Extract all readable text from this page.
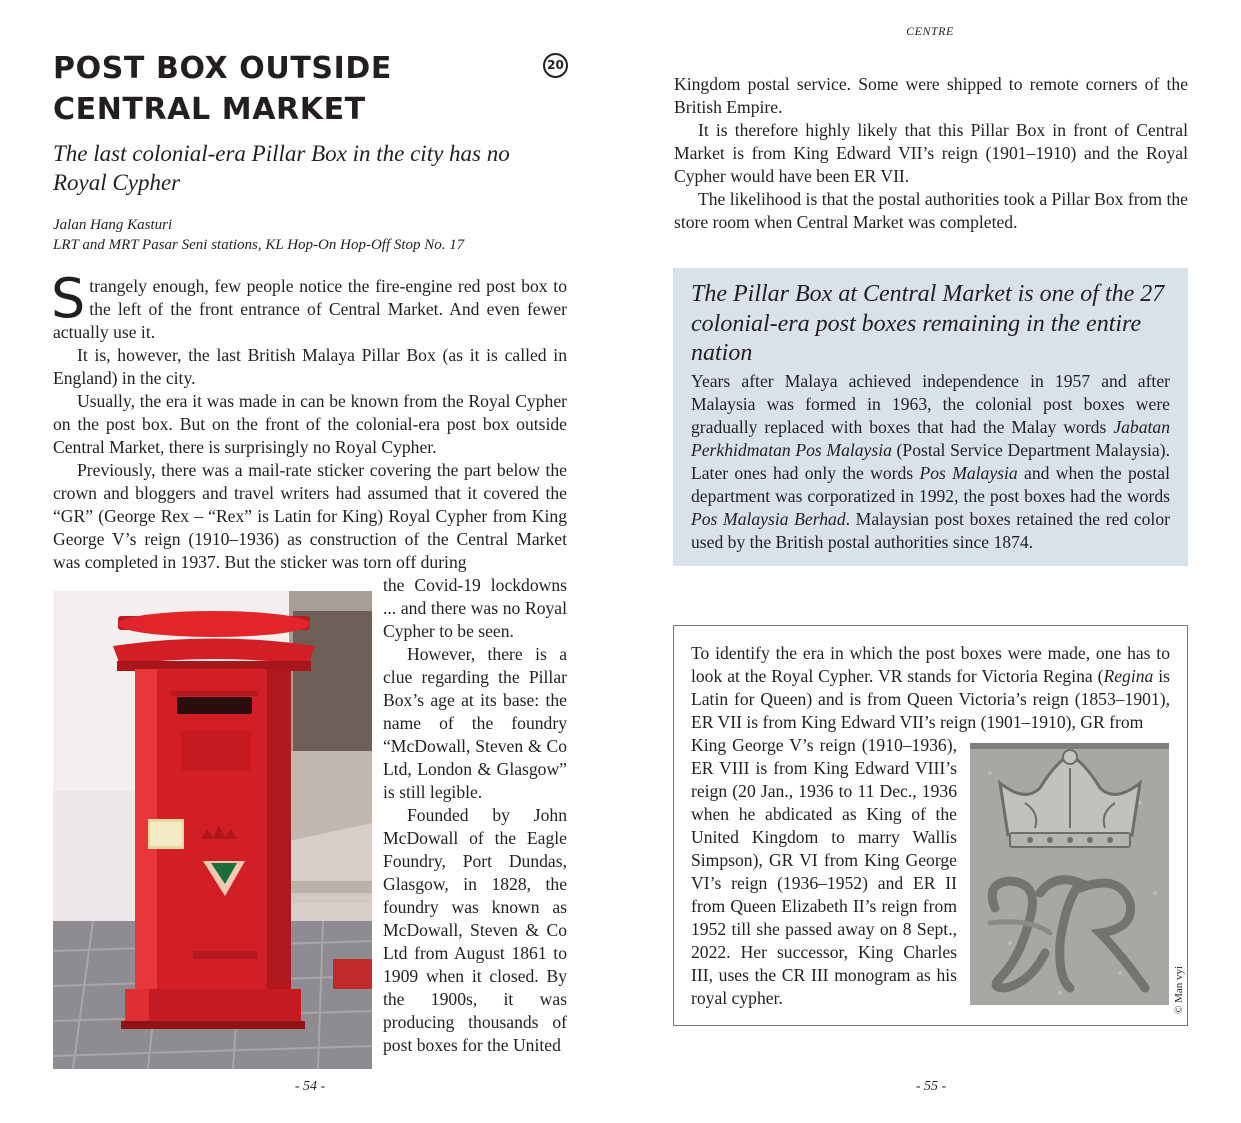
POST BOX OUTSIDE CENTRAL MARKET
20
The last colonial-era Pillar Box in the city has no Royal Cypher
Jalan Hang Kasturi
LRT and MRT Pasar Seni stations, KL Hop-On Hop-Off Stop No. 17

Strangely enough, few people notice the fire-engine red post box to the left of the front entrance of Central Market. And even fewer actually use it.

It is, however, the last British Malaya Pillar Box (as it is called in England) in the city.

Usually, the era it was made in can be known from the Royal Cypher on the post box. But on the front of the colonial-era post box outside Central Market, there is surprisingly no Royal Cypher.

Previously, there was a mail-rate sticker covering the part below the crown and bloggers and travel writers had assumed that it covered the “GR” (George Rex – “Rex” is Latin for King) Royal Cypher from King George V’s reign (1910–1936) as construction of the Central Market was completed in 1937. But the sticker was torn off during

the Covid-19 lockdowns ... and there was no Royal Cypher to be seen.

However, there is a clue regarding the Pillar Box’s age at its base: the name of the foundry “McDowall, Steven & Co Ltd, London & Glasgow” is still legible.

Founded by John McDowall of the Eagle Foundry, Port Dundas, Glasgow, in 1828, the foundry was known as McDowall, Steven & Co Ltd from August 1861 to 1909 when it closed. By the 1900s, it was producing thousands of post boxes for the United

- 54 -
CENTRE

Kingdom postal service. Some were shipped to remote corners of the British Empire.

It is therefore highly likely that this Pillar Box in front of Central Market is from King Edward VII’s reign (1901–1910) and the Royal Cypher would have been ER VII.

The likelihood is that the postal authorities took a Pillar Box from the store room when Central Market was completed.

The Pillar Box at Central Market is one of the 27 colonial-era post boxes remaining in the entire nation

Years after Malaya achieved independence in 1957 and after Malaysia was formed in 1963, the colonial post boxes were gradually replaced with boxes that had the Malay words Jabatan Perkhidmatan Pos Malaysia (Postal Service Department Malaysia). Later ones had only the words Pos Malaysia and when the postal department was corporatized in 1992, the post boxes had the words Pos Malaysia Berhad. Malaysian post boxes retained the red color used by the British postal authorities since 1874.

To identify the era in which the post boxes were made, one has to look at the Royal Cypher. VR stands for Victoria Regina (Regina is Latin for Queen) and is from Queen Victoria’s reign (1853–1901), ER VII is from King Edward VII’s reign (1901–1910), GR from

King George V’s reign (1910–1936), ER VIII is from King Edward VIII’s reign (20 Jan., 1936 to 11 Dec., 1936 when he abdicated as King of the United Kingdom to marry Wallis Simpson), GR VI from King George VI’s reign (1936–1952) and ER II from Queen Elizabeth II’s reign from 1952 till she passed away on 8 Sept., 2022. Her successor, King Charles III, uses the CR III monogram as his royal cypher.	© Man vyi
- 55 -
